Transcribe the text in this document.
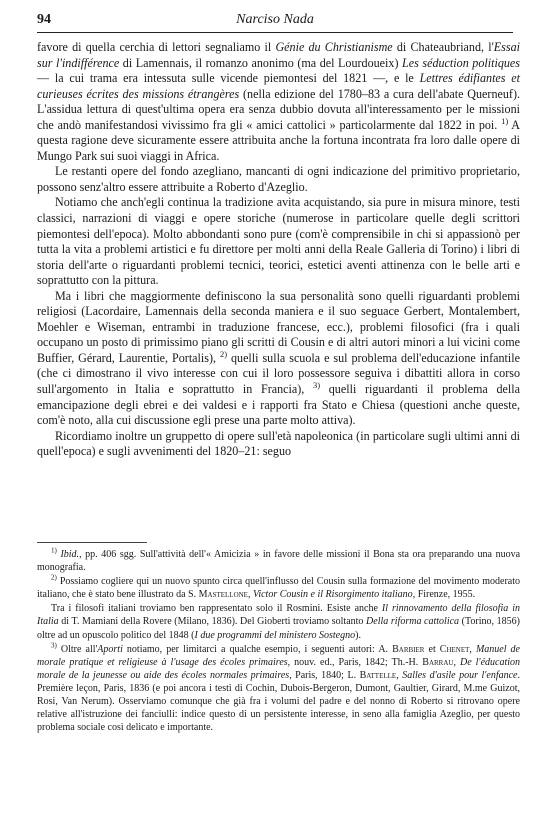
94	Narciso Nada

favore di quella cerchia di lettori segnaliamo il Génie du Christianisme di Chateaubriand, l'Essai sur l'indifférence di Lamennais, il romanzo anonimo (ma del Lourdoueix) Les séduction politiques — la cui trama era intessuta sulle vicende piemontesi del 1821 —, e le Lettres édifiantes et curieuses écrites des missions étrangères (nella edizione del 1780–83 a cura dell'abate Querneuf). L'assidua lettura di quest'ultima opera era senza dubbio dovuta all'interessamento per le missioni che andò manifestandosi vivissimo fra gli « amici cattolici » particolarmente dal 1822 in poi. $^{1)}$ A questa ragione deve sicuramente essere attribuita anche la fortuna incontrata fra loro dalle opere di Mungo Park sui suoi viaggi in Africa.

Le restanti opere del fondo azegliano, mancanti di ogni indicazione del primitivo proprietario, possono senz'altro essere attribuite a Roberto d'Azeglio.

Notiamo che anch'egli continua la tradizione avita acquistando, sia pure in misura minore, testi classici, narrazioni di viaggi e opere storiche (numerose in particolare quelle degli scrittori piemontesi dell'epoca). Molto abbondanti sono pure (com'è comprensibile in chi si appassionò per tutta la vita a problemi artistici e fu direttore per molti anni della Reale Galleria di Torino) i libri di storia dell'arte o riguardanti problemi tecnici, teorici, estetici aventi attinenza con le belle arti e soprattutto con la pittura.

Ma i libri che maggiormente definiscono la sua personalità sono quelli riguardanti problemi religiosi (Lacordaire, Lamennais della seconda maniera e il suo seguace Gerbert, Montalembert, Moehler e Wiseman, entrambi in traduzione francese, ecc.), problemi filosofici (fra i quali occupano un posto di primissimo piano gli scritti di Cousin e di altri autori minori a lui vicini come Buffier, Gérard, Laurentie, Portalis), $^{2)}$ quelli sulla scuola e sul problema dell'educazione infantile (che ci dimostrano il vivo interesse con cui il loro possessore seguiva i dibattiti allora in corso sull'argomento in Italia e soprattutto in Francia), $^{3)}$ quelli riguardanti il problema della emancipazione degli ebrei e dei valdesi e i rapporti fra Stato e Chiesa (questioni anche queste, com'è noto, alla cui discussione egli prese una parte molto attiva).

Ricordiamo inoltre un gruppetto di opere sull'età napoleonica (in particolare sugli ultimi anni di quell'epoca) e sugli avvenimenti del 1820–21: seguo

$^{1)}$ Ibid., pp. 406 sgg. Sull'attività dell'« Amicizia » in favore delle missioni il Bona sta ora preparando una nuova monografia.

$^{2)}$ Possiamo cogliere qui un nuovo spunto circa quell'influsso del Cousin sulla formazione del movimento moderato italiano, che è stato bene illustrato da S. Mastellone, Victor Cousin e il Risorgimento italiano, Firenze, 1955.

Tra i filosofi italiani troviamo ben rappresentato solo il Rosmini. Esiste anche Il rinnovamento della filosofia in Italia di T. Mamiani della Rovere (Milano, 1836). Del Gioberti troviamo soltanto Della riforma cattolica (Torino, 1856) oltre ad un opuscolo politico del 1848 (I due programmi del ministero Sostegno).

$^{3)}$ Oltre all'Aporti notiamo, per limitarci a qualche esempio, i seguenti autori: A. Barbier et Chenet, Manuel de morale pratique et religieuse à l'usage des écoles primaires, nouv. ed., Paris, 1842; Th.-H. Barrau, De l'éducation morale de la jeunesse ou aide des écoles normales primaires, Paris, 1840; L. Battelle, Salles d'asile pour l'enfance. Première leçon, Paris, 1836 (e poi ancora i testi di Cochin, Dubois-Bergeron, Dumont, Gaultier, Girard, M.me Guizot, Rosi, Van Nerum). Osserviamo comunque che già fra i volumi del padre e del nonno di Roberto si ritrovano opere relative all'istruzione dei fanciulli: indice questo di un persistente interesse, in seno alla famiglia Azeglio, per questo problema sociale così delicato e importante.
